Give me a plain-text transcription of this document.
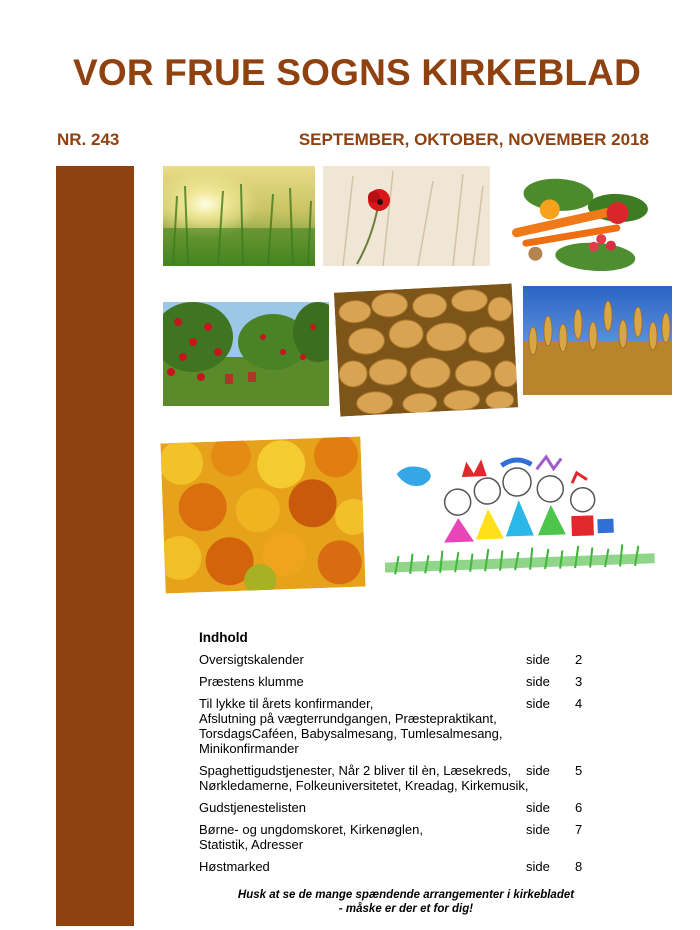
VOR FRUE SOGNS KIRKEBLAD
NR. 243	SEPTEMBER, OKTOBER, NOVEMBER 2018
Indhold
Oversigtskalender	side 2
Præstens klumme	side 3
Til lykke til årets konfirmander,
Afslutning på vægterrundgangen, Præstepraktikant,
TorsdagsCaféen, Babysalmesang, Tumlesalmesang,
Minikonfirmander
side 4
Spaghettigudstjenester, Når 2 bliver til èn, Læsekreds,
Nørkledamerne, Folkeuniversitetet, Kreadag, Kirkemusik,
side 5
Gudstjenestelisten	side 6
Børne- og ungdomskoret, Kirkenøglen,
Statistik, Adresser
side 7
Høstmarked	side 8
Husk at se de mange spændende arrangementer i kirkebladet
- måske er der et for dig!
